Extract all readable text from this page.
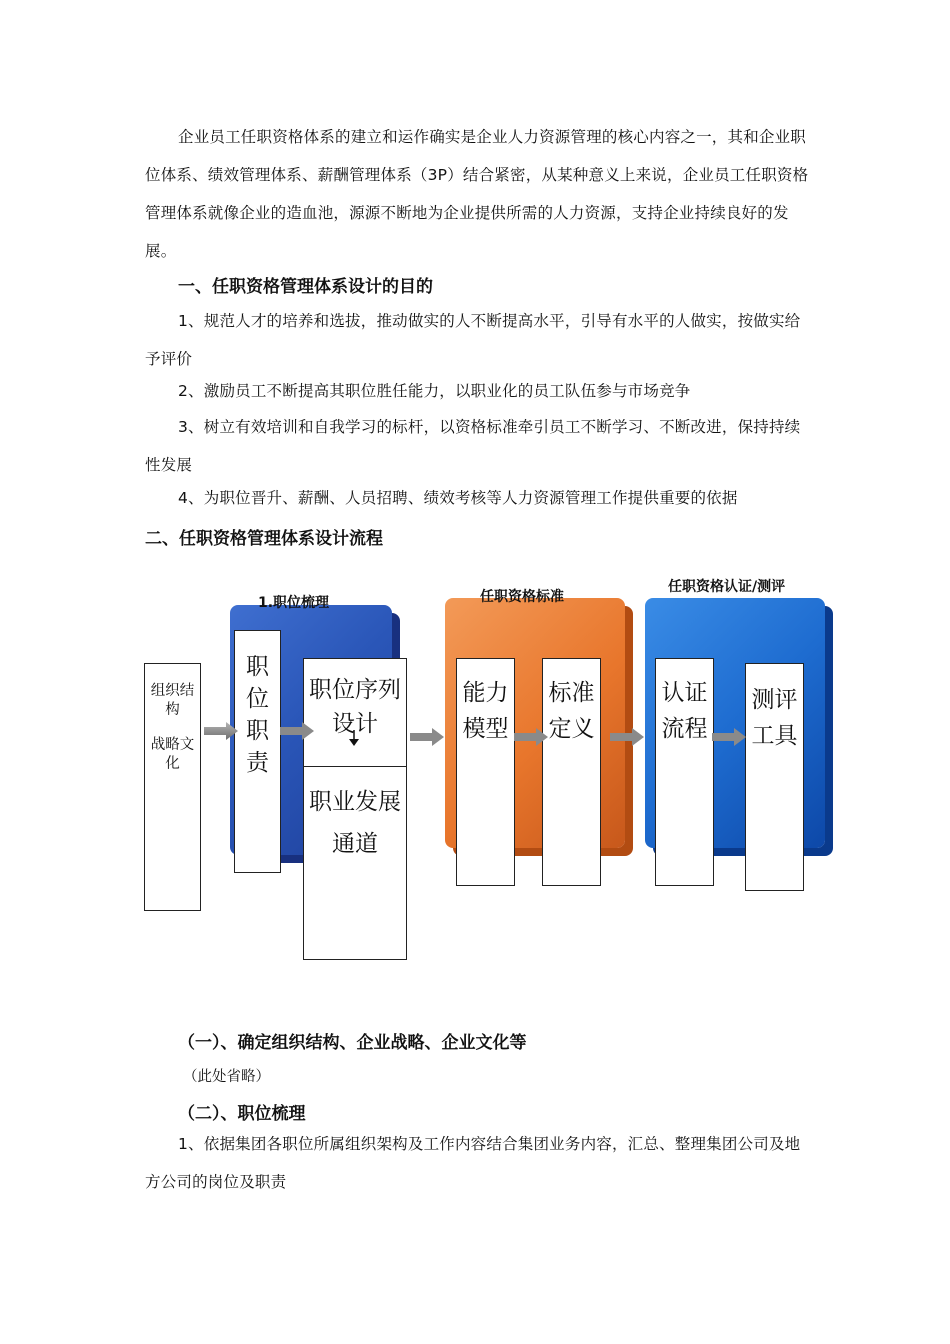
企业员工任职资格体系的建立和运作确实是企业人力资源管理的核心内容之一，其和企业职位体系、绩效管理体系、薪酬管理体系（3P）结合紧密，从某种意义上来说，企业员工任职资格管理体系就像企业的造血池，源源不断地为企业提供所需的人力资源，支持企业持续良好的发展。
一、任职资格管理体系设计的目的
1、规范人才的培养和选拔，推动做实的人不断提高水平，引导有水平的人做实，按做实给予评价
2、激励员工不断提高其职位胜任能力，以职业化的员工队伍参与市场竞争
3、树立有效培训和自我学习的标杆，以资格标准牵引员工不断学习、不断改进，保持持续性发展
4、为职位晋升、薪酬、人员招聘、绩效考核等人力资源管理工作提供重要的依据
二、任职资格管理体系设计流程
1.职位梳理	任职资格标准
任职资格认证/测评
组织结构
战略文化
职位职责
职位序列设计
职业发展通道
能力模型
标准定义
认证流程
测评工具
（一）、确定组织结构、企业战略、企业文化等
（此处省略）
（二）、职位梳理
1、依据集团各职位所属组织架构及工作内容结合集团业务内容，汇总、整理集团公司及地方公司的岗位及职责
